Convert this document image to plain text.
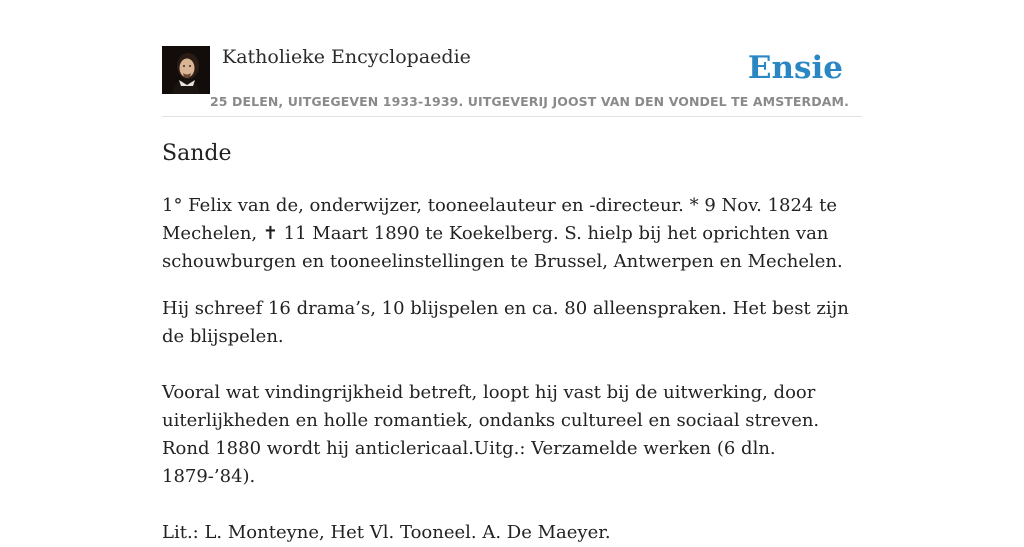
Katholieke Encyclopaedie	Ensie
25 DELEN, UITGEGEVEN 1933-1939. UITGEVERIJ JOOST VAN DEN VONDEL TE AMSTERDAM.
Sande

1° Felix van de, onderwijzer, tooneelauteur en -directeur. * 9 Nov. 1824 te Mechelen, ✝ 11 Maart 1890 te Koekelberg. S. hielp bij het oprichten van schouwburgen en tooneelinstellingen te Brussel, Antwerpen en Mechelen.

Hij schreef 16 drama’s, 10 blijspelen en ca. 80 alleenspraken. Het best zijn de blijspelen.

Vooral wat vindingrijkheid betreft, loopt hij vast bij de uitwerking, door uiterlijkheden en holle romantiek, ondanks cultureel en sociaal streven. Rond 1880 wordt hij anticlericaal.Uitg.: Verzamelde werken (6 dln. 1879-’84).

Lit.: L. Monteyne, Het Vl. Tooneel. A. De Maeyer.
